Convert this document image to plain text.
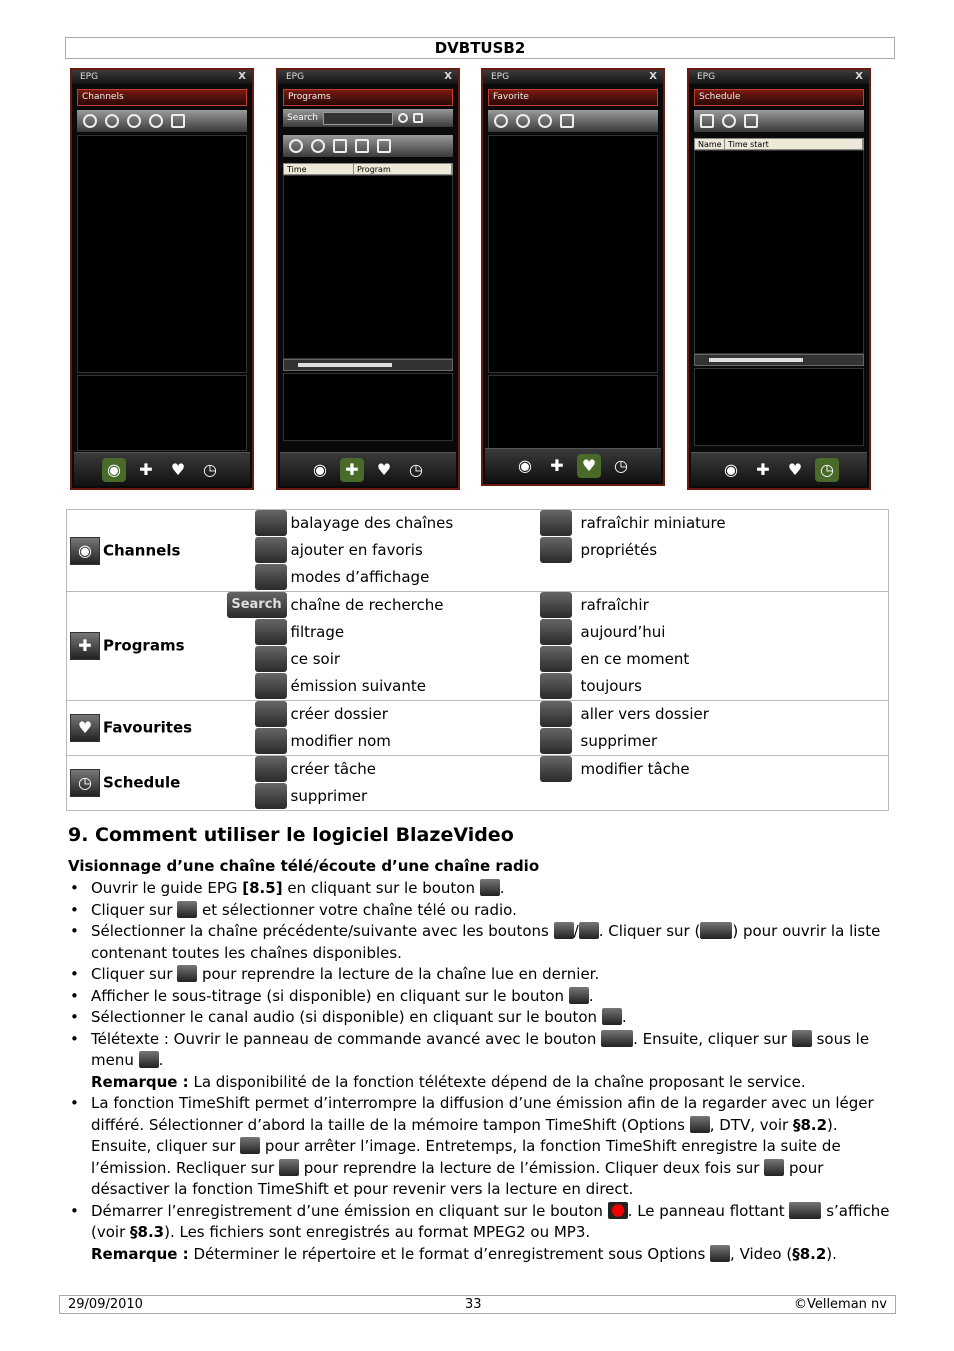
DVBTUSB2
EPG	X
Channels
◉	✚	♥	◷
EPG	X
Programs
Search
Time	Program
◉	✚	♥	◷
EPG	X
Favorite
◉	✚	♥	◷
EPG	X
Schedule
Name Time start
◉	✚	♥	◷
◉ Channels		balayage des chaînes		rafraîchir miniature
		ajouter en favoris		propriétés
		modes d’affichage		
✚ Programs	Search	chaîne de recherche		rafraîchir
		filtrage		aujourd’hui
		ce soir		en ce moment
		émission suivante		toujours
♥ Favourites		créer dossier		aller vers dossier
		modifier nom		supprimer
◷ Schedule		créer tâche		modifier tâche
		supprimer		
9. Comment utiliser le logiciel BlazeVideo
Visionnage d’une chaîne télé/écoute d’une chaîne radio
• Ouvrir le guide EPG [8.5] en cliquant sur le bouton .
• Cliquer sur  et sélectionner votre chaîne télé ou radio.
• Sélectionner la chaîne précédente/suivante avec les boutons / . Cliquer sur ( ) pour ouvrir la liste contenant toutes les chaînes disponibles.
• Cliquer sur  pour reprendre la lecture de la chaîne lue en dernier.
• Afficher le sous-titrage (si disponible) en cliquant sur le bouton .
• Sélectionner le canal audio (si disponible) en cliquant sur le bouton .
• Télétexte : Ouvrir le panneau de commande avancé avec le bouton . Ensuite, cliquer sur  sous le menu .
Remarque : La disponibilité de la fonction télétexte dépend de la chaîne proposant le service.
• La fonction TimeShift permet d’interrompre la diffusion d’une émission afin de la regarder avec un léger différé. Sélectionner d’abord la taille de la mémoire tampon TimeShift (Options , DTV, voir §8.2). Ensuite, cliquer sur  pour arrêter l’image. Entretemps, la fonction TimeShift enregistre la suite de l’émission. Recliquer sur  pour reprendre la lecture de l’émission. Cliquer deux fois sur  pour désactiver la fonction TimeShift et pour revenir vers la lecture en direct.
• Démarrer l’enregistrement d’une émission en cliquant sur le bouton . Le panneau flottant  s’affiche (voir §8.3). Les fichiers sont enregistrés au format MPEG2 ou MP3.
Remarque : Déterminer le répertoire et le format d’enregistrement sous Options , Video (§8.2).
29/09/2010	33	©Velleman nv
